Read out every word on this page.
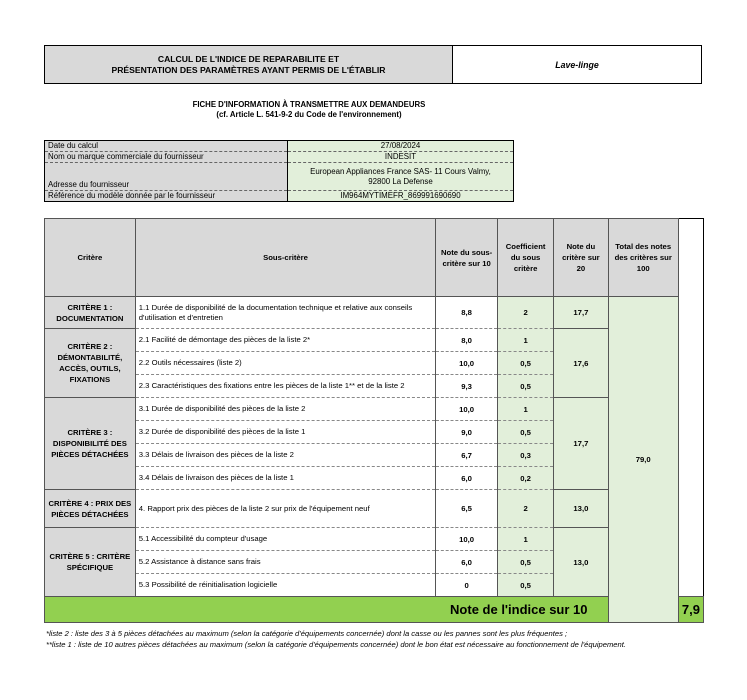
CALCUL DE L'INDICE DE REPARABILITE ET
PRÉSENTATION DES PARAMÈTRES AYANT PERMIS DE L'ÉTABLIR	Lave-linge
FICHE D'INFORMATION À TRANSMETTRE AUX DEMANDEURS
(cf. Article L. 541-9-2 du Code de l'environnement)
Date du calcul	27/08/2024
Nom ou marque commerciale du fournisseur	INDESIT
Adresse du fournisseur	European Appliances France SAS- 11 Cours Valmy,
92800 La Defense

Référence du modèle donnée par le fournisseur	IM964MYTIMEFR_869991690690
Critère	Sous-critère	Note du sous-critère sur 10	Coefficient du sous critère	Note du critère sur 20	Total des notes des critères sur 100	
CRITÈRE 1 : DOCUMENTATION	1.1 Durée de disponibilité de la documentation technique et relative aux conseils d'utilisation et d'entretien	8,8	2	17,7	79,0	
CRITÈRE 2 : DÉMONTABILITÉ, ACCÈS, OUTILS, FIXATIONS	2.1 Facilité de démontage des pièces de la liste 2*	8,0	1	17,6		
	2.2 Outils nécessaires (liste 2)	10,0	0,5			
	2.3 Caractéristiques des fixations entre les pièces de la liste 1** et de la liste 2	9,3	0,5			
CRITÈRE 3 : DISPONIBILITÉ DES PIÈCES DÉTACHÉES	3.1 Durée de disponibilité des pièces de la liste 2	10,0	1	17,7		
	3.2 Durée de disponibilité des pièces de la liste 1	9,0	0,5			
	3.3 Délais de livraison des pièces de la liste 2	6,7	0,3			
	3.4 Délais de livraison des pièces de la liste 1	6,0	0,2			
CRITÈRE 4 : PRIX DES PIÈCES DÉTACHÉES	4. Rapport prix des pièces de la liste 2 sur prix de l'équipement neuf	6,5	2	13,0		
CRITÈRE 5 : CRITÈRE SPÉCIFIQUE	5.1 Accessibilité du compteur d'usage	10,0	1	13,0		
	5.2 Assistance à distance sans frais	6,0	0,5			
	5.3 Possibilité de réinitialisation logicielle	0	0,5			
Note de l'indice sur 10						7,9
*liste 2 : liste des 3 à 5 pièces détachées au maximum (selon la catégorie d'équipements concernée) dont la casse ou les pannes sont les plus fréquentes ;
**liste 1 : liste de 10 autres pièces détachées au maximum (selon la catégorie d'équipements concernée) dont le bon état est nécessaire au fonctionnement de l'équipement.
